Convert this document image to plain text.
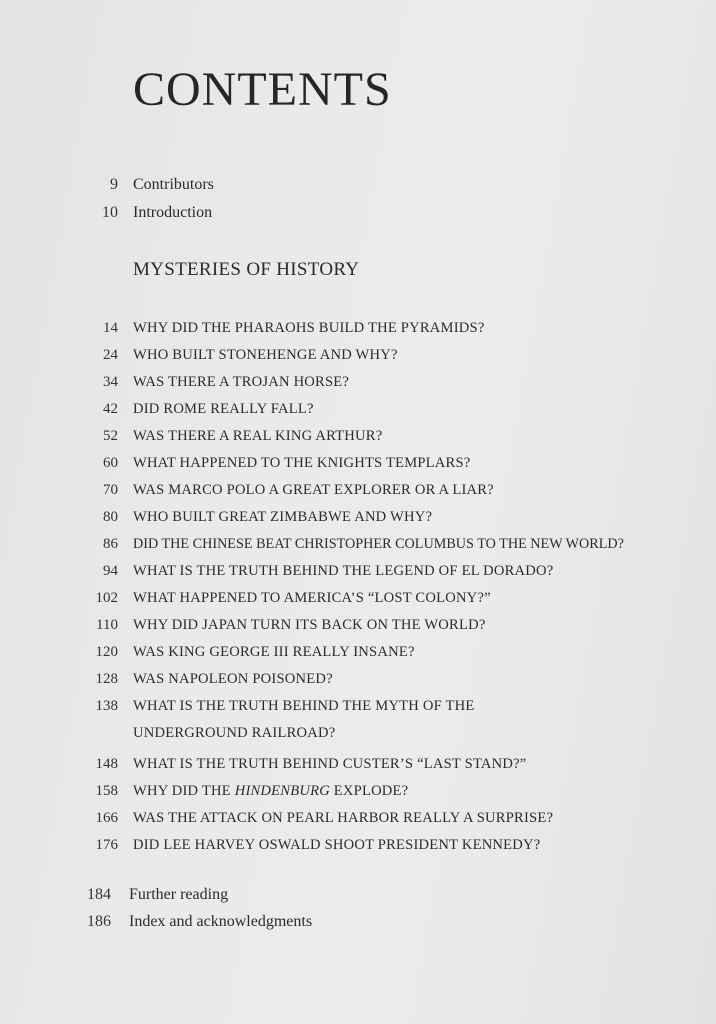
CONTENTS
9 Contributors
10 Introduction
MYSTERIES OF HISTORY
14 WHY DID THE PHARAOHS BUILD THE PYRAMIDS?
24 WHO BUILT STONEHENGE AND WHY?
34 WAS THERE A TROJAN HORSE?
42 DID ROME REALLY FALL?
52 WAS THERE A REAL KING ARTHUR?
60 WHAT HAPPENED TO THE KNIGHTS TEMPLARS?
70 WAS MARCO POLO A GREAT EXPLORER OR A LIAR?
80 WHO BUILT GREAT ZIMBABWE AND WHY?
86 DID THE CHINESE BEAT CHRISTOPHER COLUMBUS TO THE NEW WORLD?
94 WHAT IS THE TRUTH BEHIND THE LEGEND OF EL DORADO?
102 WHAT HAPPENED TO AMERICA’S “LOST COLONY?”
110 WHY DID JAPAN TURN ITS BACK ON THE WORLD?
120 WAS KING GEORGE III REALLY INSANE?
128 WAS NAPOLEON POISONED?
138 WHAT IS THE TRUTH BEHIND THE MYTH OF THE
UNDERGROUND RAILROAD?
148 WHAT IS THE TRUTH BEHIND CUSTER’S “LAST STAND?”
158 WHY DID THE HINDENBURG EXPLODE?
166 WAS THE ATTACK ON PEARL HARBOR REALLY A SURPRISE?
176 DID LEE HARVEY OSWALD SHOOT PRESIDENT KENNEDY?
184 Further reading
186 Index and acknowledgments
